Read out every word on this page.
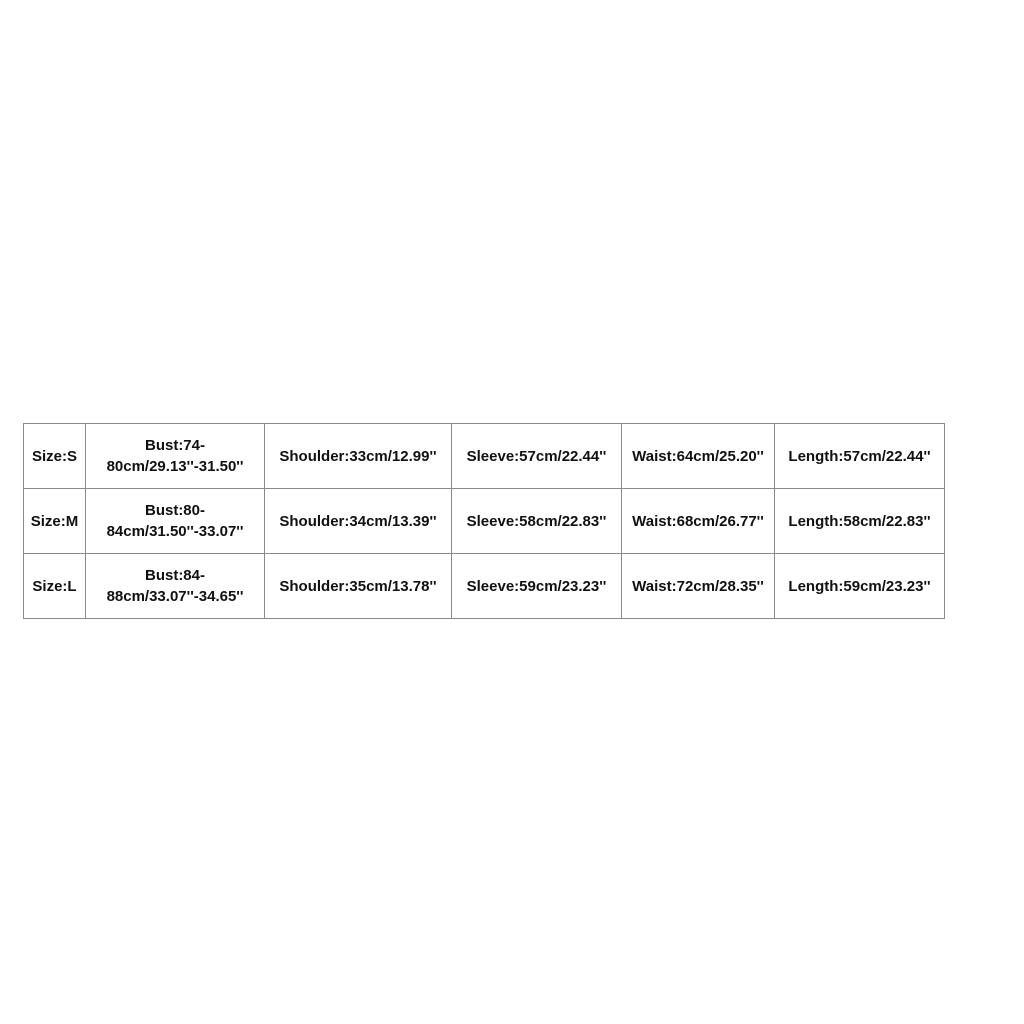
Size:S	Bust:74-80cm/29.13''-31.50''	Shoulder:33cm/12.99''	Sleeve:57cm/22.44''	Waist:64cm/25.20''	Length:57cm/22.44''
Size:M	Bust:80-84cm/31.50''-33.07''	Shoulder:34cm/13.39''	Sleeve:58cm/22.83''	Waist:68cm/26.77''	Length:58cm/22.83''
Size:L	Bust:84-88cm/33.07''-34.65''	Shoulder:35cm/13.78''	Sleeve:59cm/23.23''	Waist:72cm/28.35''	Length:59cm/23.23''
